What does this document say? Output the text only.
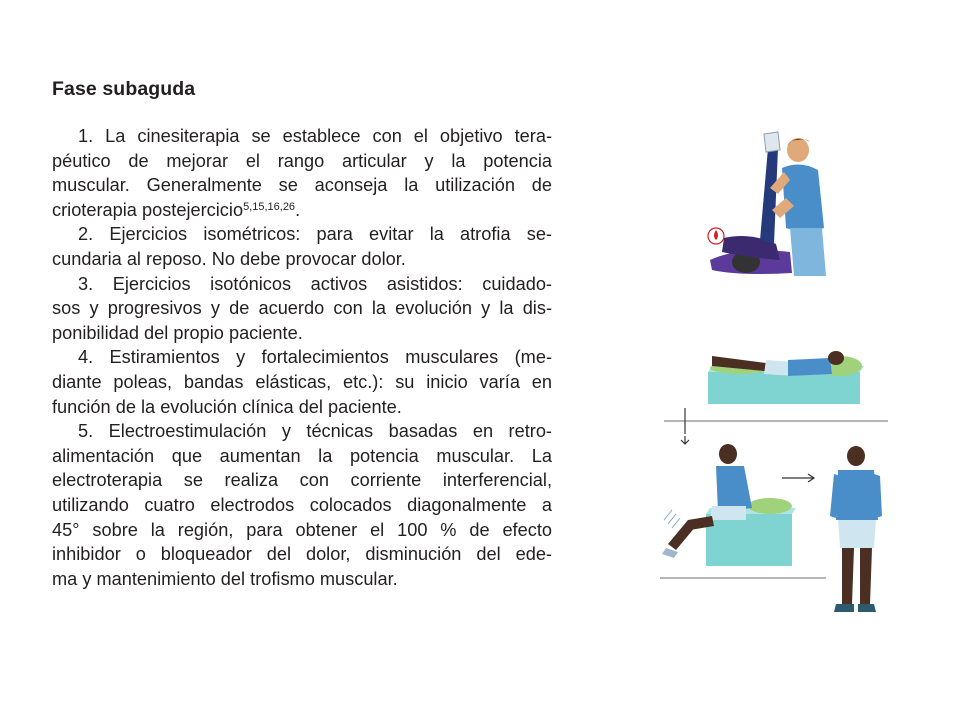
Fase subaguda
1. La cinesiterapia se establece con el objetivo tera-
péutico de mejorar el rango articular y la potencia
muscular. Generalmente se aconseja la utilización de
crioterapia postejercicio$^{5,15,16,26}$.
2. Ejercicios isométricos: para evitar la atrofia se-
cundaria al reposo. No debe provocar dolor.
3. Ejercicios isotónicos activos asistidos: cuidado-
sos y progresivos y de acuerdo con la evolución y la dis-
ponibilidad del propio paciente.
4. Estiramientos y fortalecimientos musculares (me-
diante poleas, bandas elásticas, etc.): su inicio varía en
función de la evolución clínica del paciente.
5. Electroestimulación y técnicas basadas en retro-
alimentación que aumentan la potencia muscular. La
electroterapia se realiza con corriente interferencial,
utilizando cuatro electrodos colocados diagonalmente a
45° sobre la región, para obtener el 100 % de efecto
inhibidor o bloqueador del dolor, disminución del ede-
ma y mantenimiento del trofismo muscular.
